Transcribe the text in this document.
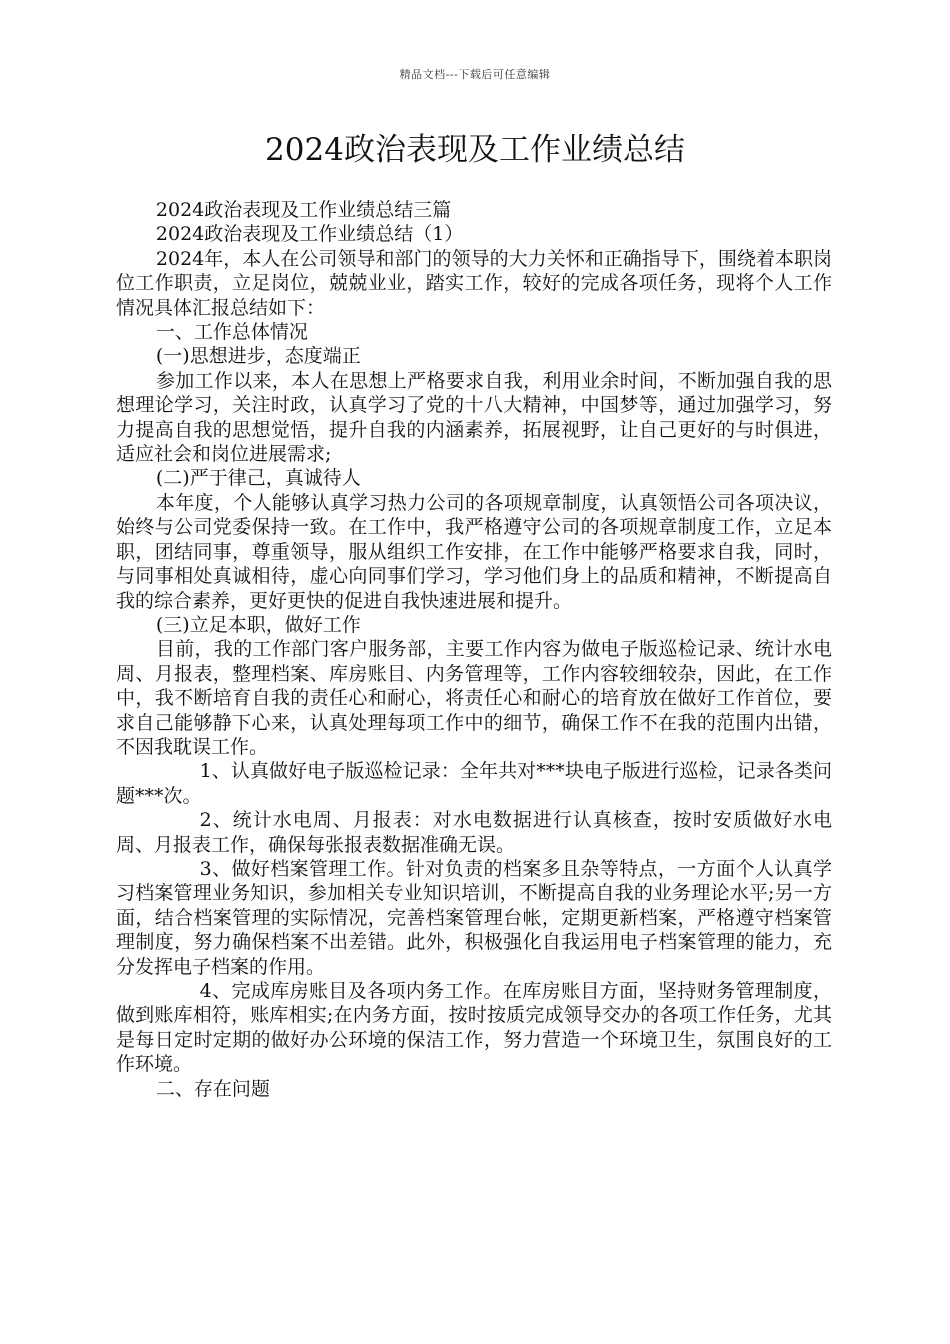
精品文档---下载后可任意编辑
2024政治表现及工作业绩总结

2024政治表现及工作业绩总结三篇

2024政治表现及工作业绩总结（1）

2024年，本人在公司领导和部门的领导的大力关怀和正确指导下，围绕着本职岗位工作职责，立足岗位，兢兢业业，踏实工作，较好的完成各项任务，现将个人工作情况具体汇报总结如下：

一、工作总体情况

(一)思想进步，态度端正

参加工作以来，本人在思想上严格要求自我，利用业余时间，不断加强自我的思想理论学习，关注时政，认真学习了党的十八大精神，中国梦等，通过加强学习，努力提高自我的思想觉悟，提升自我的内涵素养，拓展视野，让自己更好的与时俱进，适应社会和岗位进展需求;

(二)严于律己，真诚待人

本年度，个人能够认真学习热力公司的各项规章制度，认真领悟公司各项决议，始终与公司党委保持一致。在工作中，我严格遵守公司的各项规章制度工作，立足本职，团结同事，尊重领导，服从组织工作安排，在工作中能够严格要求自我，同时，与同事相处真诚相待，虚心向同事们学习，学习他们身上的品质和精神，不断提高自我的综合素养，更好更快的促进自我快速进展和提升。

(三)立足本职，做好工作

目前，我的工作部门客户服务部，主要工作内容为做电子版巡检记录、统计水电周、月报表，整理档案、库房账目、内务管理等，工作内容较细较杂，因此，在工作中，我不断培育自我的责任心和耐心，将责任心和耐心的培育放在做好工作首位，要求自己能够静下心来，认真处理每项工作中的细节，确保工作不在我的范围内出错，不因我耽误工作。

1、认真做好电子版巡检记录：全年共对***块电子版进行巡检，记录各类问题***次。

2、统计水电周、月报表：对水电数据进行认真核查，按时安质做好水电周、月报表工作，确保每张报表数据准确无误。

3、做好档案管理工作。针对负责的档案多且杂等特点，一方面个人认真学习档案管理业务知识，参加相关专业知识培训，不断提高自我的业务理论水平;另一方面，结合档案管理的实际情况，完善档案管理台帐，定期更新档案，严格遵守档案管理制度，努力确保档案不出差错。此外，积极强化自我运用电子档案管理的能力，充分发挥电子档案的作用。

4、完成库房账目及各项内务工作。在库房账目方面，坚持财务管理制度，做到账库相符，账库相实;在内务方面，按时按质完成领导交办的各项工作任务，尤其是每日定时定期的做好办公环境的保洁工作，努力营造一个环境卫生，氛围良好的工作环境。

二、存在问题
